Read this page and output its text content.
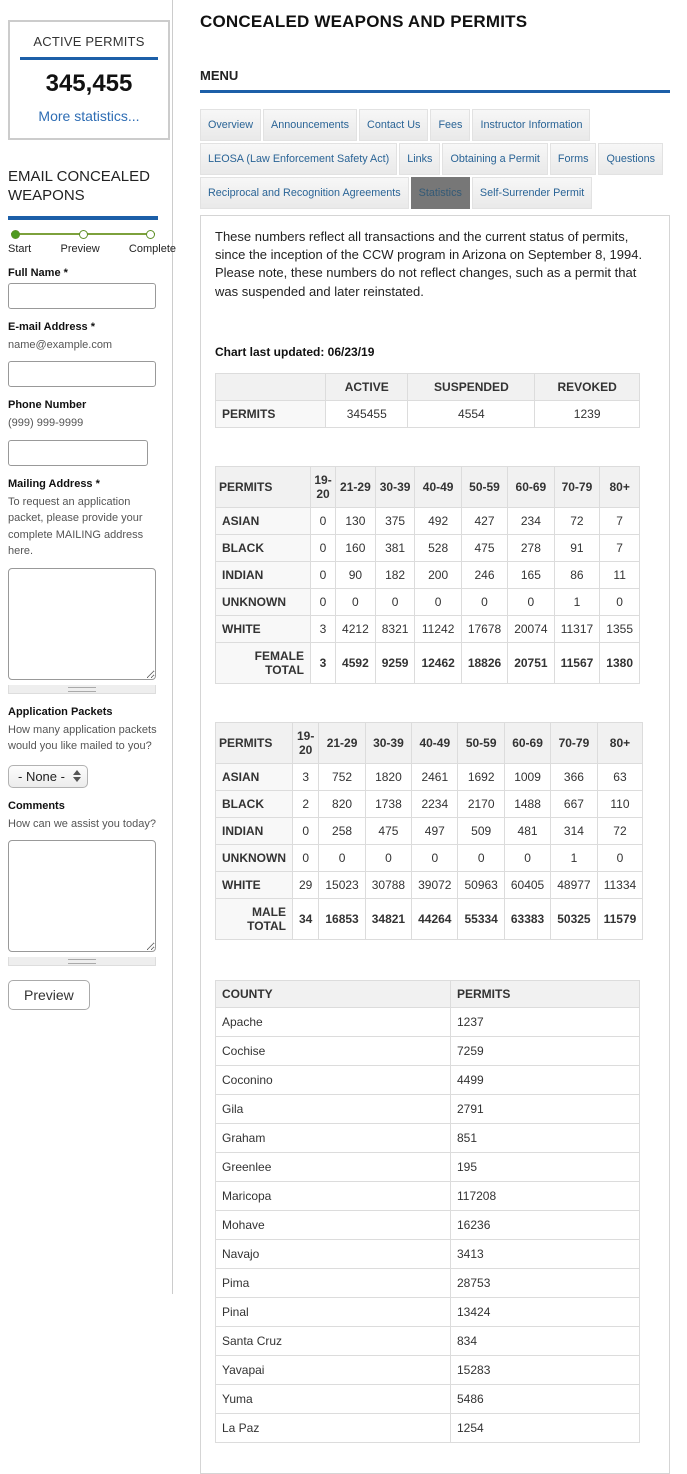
ACTIVE PERMITS
345,455
More statistics...
EMAIL CONCEALED WEAPONS
Start	Preview	Complete
Full Name *
E-mail Address *
name@example.com
Phone Number
(999) 999-9999
Mailing Address *
To request an application packet, please provide your complete MAILING address here.
Application Packets
How many application packets would you like mailed to you?
- None -
Comments
How can we assist you today?
Preview
CONCEALED WEAPONS AND PERMITS
MENU
Overview	Announcements	Contact Us	Fees	Instructor Information
LEOSA (Law Enforcement Safety Act)	Links	Obtaining a Permit	Forms	Questions
Reciprocal and Recognition Agreements	Statistics	Self-Surrender Permit

These numbers reflect all transactions and the current status of permits, since the inception of the CCW program in Arizona on September 8, 1994. Please note, these numbers do not reflect changes, such as a permit that was suspended and later reinstated.

Chart last updated: 06/23/19

	ACTIVE	SUSPENDED	REVOKED
PERMITS	345455	4554	1239
PERMITS	19-20	21-29	30-39	40-49	50-59	60-69	70-79	80+
ASIAN	0	130	375	492	427	234	72	7
BLACK	0	160	381	528	475	278	91	7
INDIAN	0	90	182	200	246	165	86	11
UNKNOWN	0	0	0	0	0	0	1	0
WHITE	3	4212	8321	11242	17678	20074	11317	1355
FEMALE TOTAL	3	4592	9259	12462	18826	20751	11567	1380
PERMITS	19-20	21-29	30-39	40-49	50-59	60-69	70-79	80+
ASIAN	3	752	1820	2461	1692	1009	366	63
BLACK	2	820	1738	2234	2170	1488	667	110
INDIAN	0	258	475	497	509	481	314	72
UNKNOWN	0	0	0	0	0	0	1	0
WHITE	29	15023	30788	39072	50963	60405	48977	11334
MALE TOTAL	34	16853	34821	44264	55334	63383	50325	11579
COUNTY	PERMITS
Apache	1237
Cochise	7259
Coconino	4499
Gila	2791
Graham	851
Greenlee	195
Maricopa	117208
Mohave	16236
Navajo	3413
Pima	28753
Pinal	13424
Santa Cruz	834
Yavapai	15283
Yuma	5486
La Paz	1254
